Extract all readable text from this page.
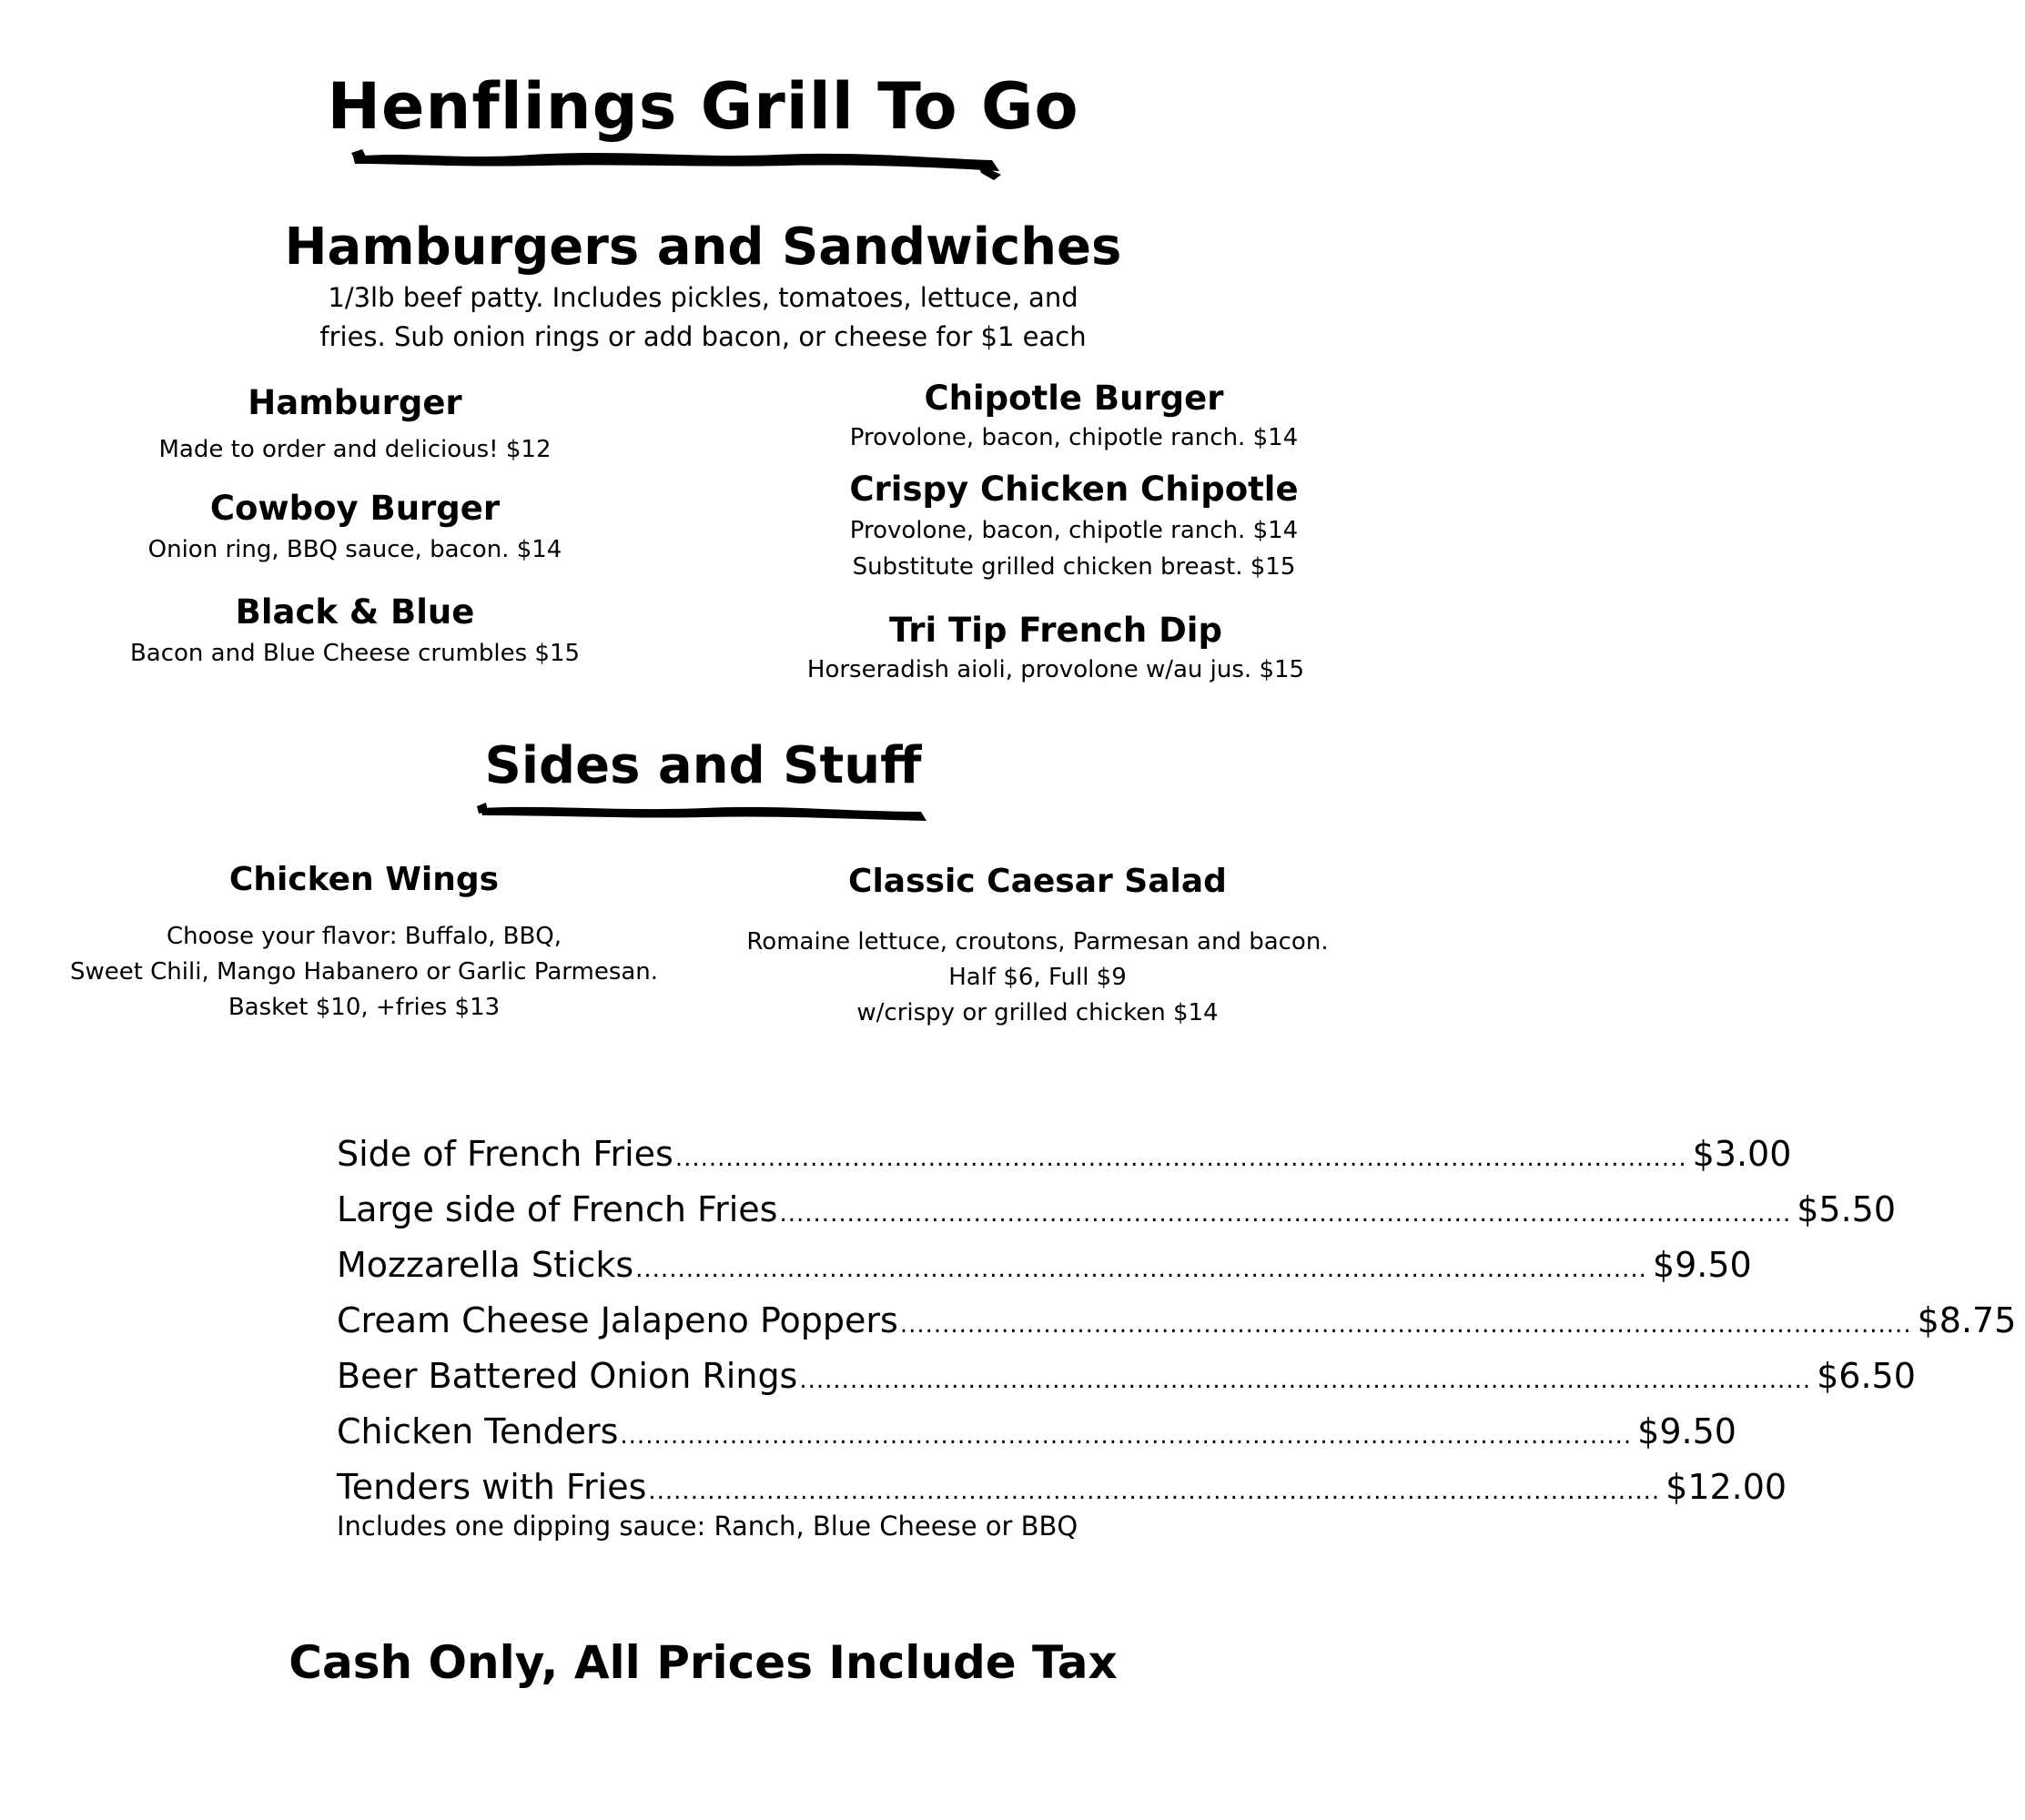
Henflings Grill To Go
Hamburgers and Sandwiches
1/3lb beef patty. Includes pickles, tomatoes, lettuce, and
fries. Sub onion rings or add bacon, or cheese for $1 each
Hamburger
Made to order and delicious! $12
Cowboy Burger
Onion ring, BBQ sauce, bacon. $14
Black & Blue
Bacon and Blue Cheese crumbles $15
Chipotle Burger
Provolone, bacon, chipotle ranch. $14
Crispy Chicken Chipotle
Provolone, bacon, chipotle ranch. $14
Substitute grilled chicken breast. $15
Tri Tip French Dip
Horseradish aioli, provolone w/au jus. $15
Sides and Stuff
Chicken Wings
Choose your flavor: Buffalo, BBQ,
Sweet Chili, Mango Habanero or Garlic Parmesan.
Basket $10, +fries $13
Classic Caesar Salad
Romaine lettuce, croutons, Parmesan and bacon.
Half $6, Full $9
w/crispy or grilled chicken $14
Side of French Fries ........................................................................................................................ $3.00
Large side of French Fries ........................................................................................................................ $5.50
Mozzarella Sticks ........................................................................................................................ $9.50
Cream Cheese Jalapeno Poppers ........................................................................................................................ $8.75
Beer Battered Onion Rings ........................................................................................................................ $6.50
Chicken Tenders ........................................................................................................................ $9.50
Tenders with Fries ........................................................................................................................ $12.00
Includes one dipping sauce: Ranch, Blue Cheese or BBQ
Cash Only, All Prices Include Tax
